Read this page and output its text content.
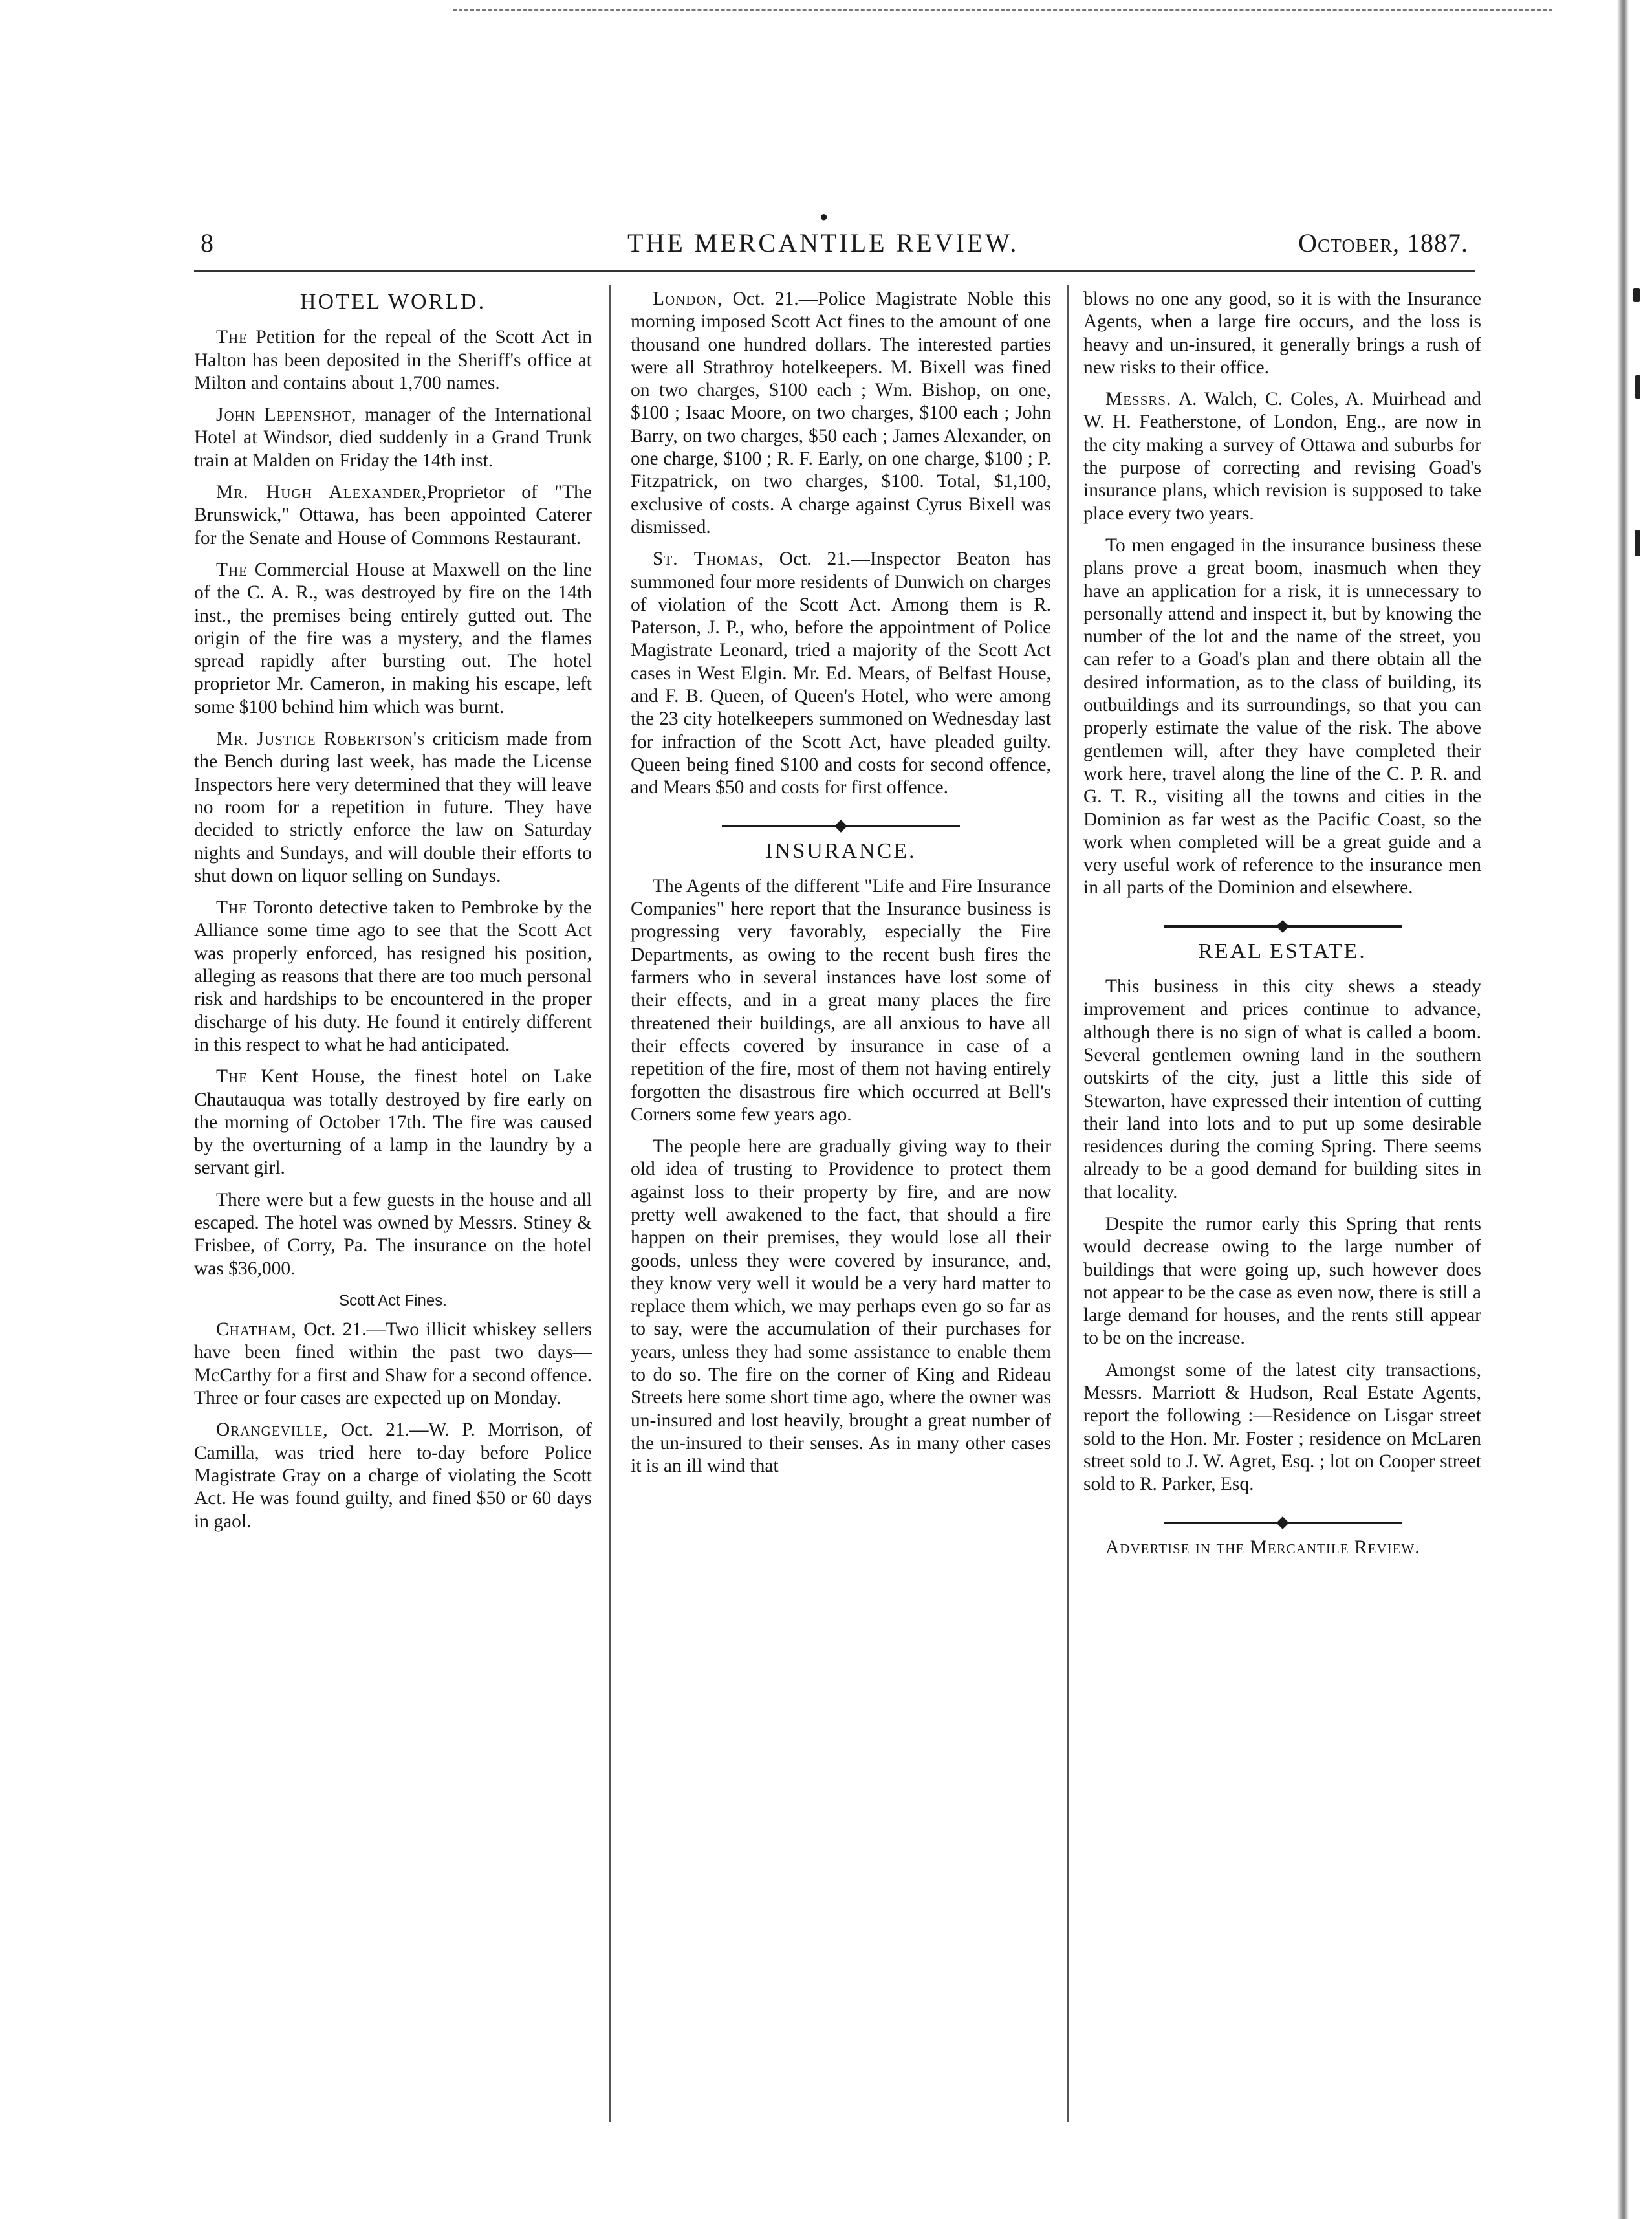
8
●
THE MERCANTILE REVIEW.	October, 1887.
HOTEL WORLD.

The Petition for the repeal of the Scott Act in Halton has been deposited in the Sheriff's office at Milton and contains about 1,700 names.

John Lepenshot, manager of the International Hotel at Windsor, died suddenly in a Grand Trunk train at Malden on Friday the 14th inst.

Mr. Hugh Alexander,Proprietor of "The Brunswick," Ottawa, has been appointed Caterer for the Senate and House of Commons Restaurant.

The Commercial House at Maxwell on the line of the C. A. R., was destroyed by fire on the 14th inst., the premises being entirely gutted out. The origin of the fire was a mystery, and the flames spread rapidly after bursting out. The hotel proprietor Mr. Cameron, in making his escape, left some $100 behind him which was burnt.

Mr. Justice Robertson's criticism made from the Bench during last week, has made the License Inspectors here very determined that they will leave no room for a repetition in future. They have decided to strictly enforce the law on Saturday nights and Sundays, and will double their efforts to shut down on liquor selling on Sundays.

The Toronto detective taken to Pembroke by the Alliance some time ago to see that the Scott Act was properly enforced, has resigned his position, alleging as reasons that there are too much personal risk and hardships to be encountered in the proper discharge of his duty. He found it entirely different in this respect to what he had anticipated.

The Kent House, the finest hotel on Lake Chautauqua was totally destroyed by fire early on the morning of October 17th. The fire was caused by the overturning of a lamp in the laundry by a servant girl.

There were but a few guests in the house and all escaped. The hotel was owned by Messrs. Stiney & Frisbee, of Corry, Pa. The insurance on the hotel was $36,000.

Scott Act Fines.

Chatham, Oct. 21.—Two illicit whiskey sellers have been fined within the past two days—McCarthy for a first and Shaw for a second offence. Three or four cases are expected up on Monday.

Orangeville, Oct. 21.—W. P. Morrison, of Camilla, was tried here to-day before Police Magistrate Gray on a charge of violating the Scott Act. He was found guilty, and fined $50 or 60 days in gaol.

London, Oct. 21.—Police Magistrate Noble this morning imposed Scott Act fines to the amount of one thousand one hundred dollars. The interested parties were all Strathroy hotelkeepers. M. Bixell was fined on two charges, $100 each ; Wm. Bishop, on one, $100 ; Isaac Moore, on two charges, $100 each ; John Barry, on two charges, $50 each ; James Alexander, on one charge, $100 ; R. F. Early, on one charge, $100 ; P. Fitzpatrick, on two charges, $100. Total, $1,100, exclusive of costs. A charge against Cyrus Bixell was dismissed.

St. Thomas, Oct. 21.—Inspector Beaton has summoned four more residents of Dunwich on charges of violation of the Scott Act. Among them is R. Paterson, J. P., who, before the appointment of Police Magistrate Leonard, tried a majority of the Scott Act cases in West Elgin. Mr. Ed. Mears, of Belfast House, and F. B. Queen, of Queen's Hotel, who were among the 23 city hotelkeepers summoned on Wednesday last for infraction of the Scott Act, have pleaded guilty. Queen being fined $100 and costs for second offence, and Mears $50 and costs for first offence.

INSURANCE.

The Agents of the different "Life and Fire Insurance Companies" here report that the Insurance business is progressing very favorably, especially the Fire Departments, as owing to the recent bush fires the farmers who in several instances have lost some of their effects, and in a great many places the fire threatened their buildings, are all anxious to have all their effects covered by insurance in case of a repetition of the fire, most of them not having entirely forgotten the disastrous fire which occurred at Bell's Corners some few years ago.

The people here are gradually giving way to their old idea of trusting to Providence to protect them against loss to their property by fire, and are now pretty well awakened to the fact, that should a fire happen on their premises, they would lose all their goods, unless they were covered by insurance, and, they know very well it would be a very hard matter to replace them which, we may perhaps even go so far as to say, were the accumulation of their purchases for years, unless they had some assistance to enable them to do so. The fire on the corner of King and Rideau Streets here some short time ago, where the owner was un-insured and lost heavily, brought a great number of the un-insured to their senses. As in many other cases it is an ill wind that

blows no one any good, so it is with the Insurance Agents, when a large fire occurs, and the loss is heavy and un-insured, it generally brings a rush of new risks to their office.

Messrs. A. Walch, C. Coles, A. Muirhead and W. H. Featherstone, of London, Eng., are now in the city making a survey of Ottawa and suburbs for the purpose of correcting and revising Goad's insurance plans, which revision is supposed to take place every two years.

To men engaged in the insurance business these plans prove a great boom, inasmuch when they have an application for a risk, it is unnecessary to personally attend and inspect it, but by knowing the number of the lot and the name of the street, you can refer to a Goad's plan and there obtain all the desired information, as to the class of building, its outbuildings and its surroundings, so that you can properly estimate the value of the risk. The above gentlemen will, after they have completed their work here, travel along the line of the C. P. R. and G. T. R., visiting all the towns and cities in the Dominion as far west as the Pacific Coast, so the work when completed will be a great guide and a very useful work of reference to the insurance men in all parts of the Dominion and elsewhere.

REAL ESTATE.

This business in this city shews a steady improvement and prices continue to advance, although there is no sign of what is called a boom. Several gentlemen owning land in the southern outskirts of the city, just a little this side of Stewarton, have expressed their intention of cutting their land into lots and to put up some desirable residences during the coming Spring. There seems already to be a good demand for building sites in that locality.

Despite the rumor early this Spring that rents would decrease owing to the large number of buildings that were going up, such however does not appear to be the case as even now, there is still a large demand for houses, and the rents still appear to be on the increase.

Amongst some of the latest city transactions, Messrs. Marriott & Hudson, Real Estate Agents, report the following :—Residence on Lisgar street sold to the Hon. Mr. Foster ; residence on McLaren street sold to J. W. Agret, Esq. ; lot on Cooper street sold to R. Parker, Esq.

Advertise in the Mercantile Review.
